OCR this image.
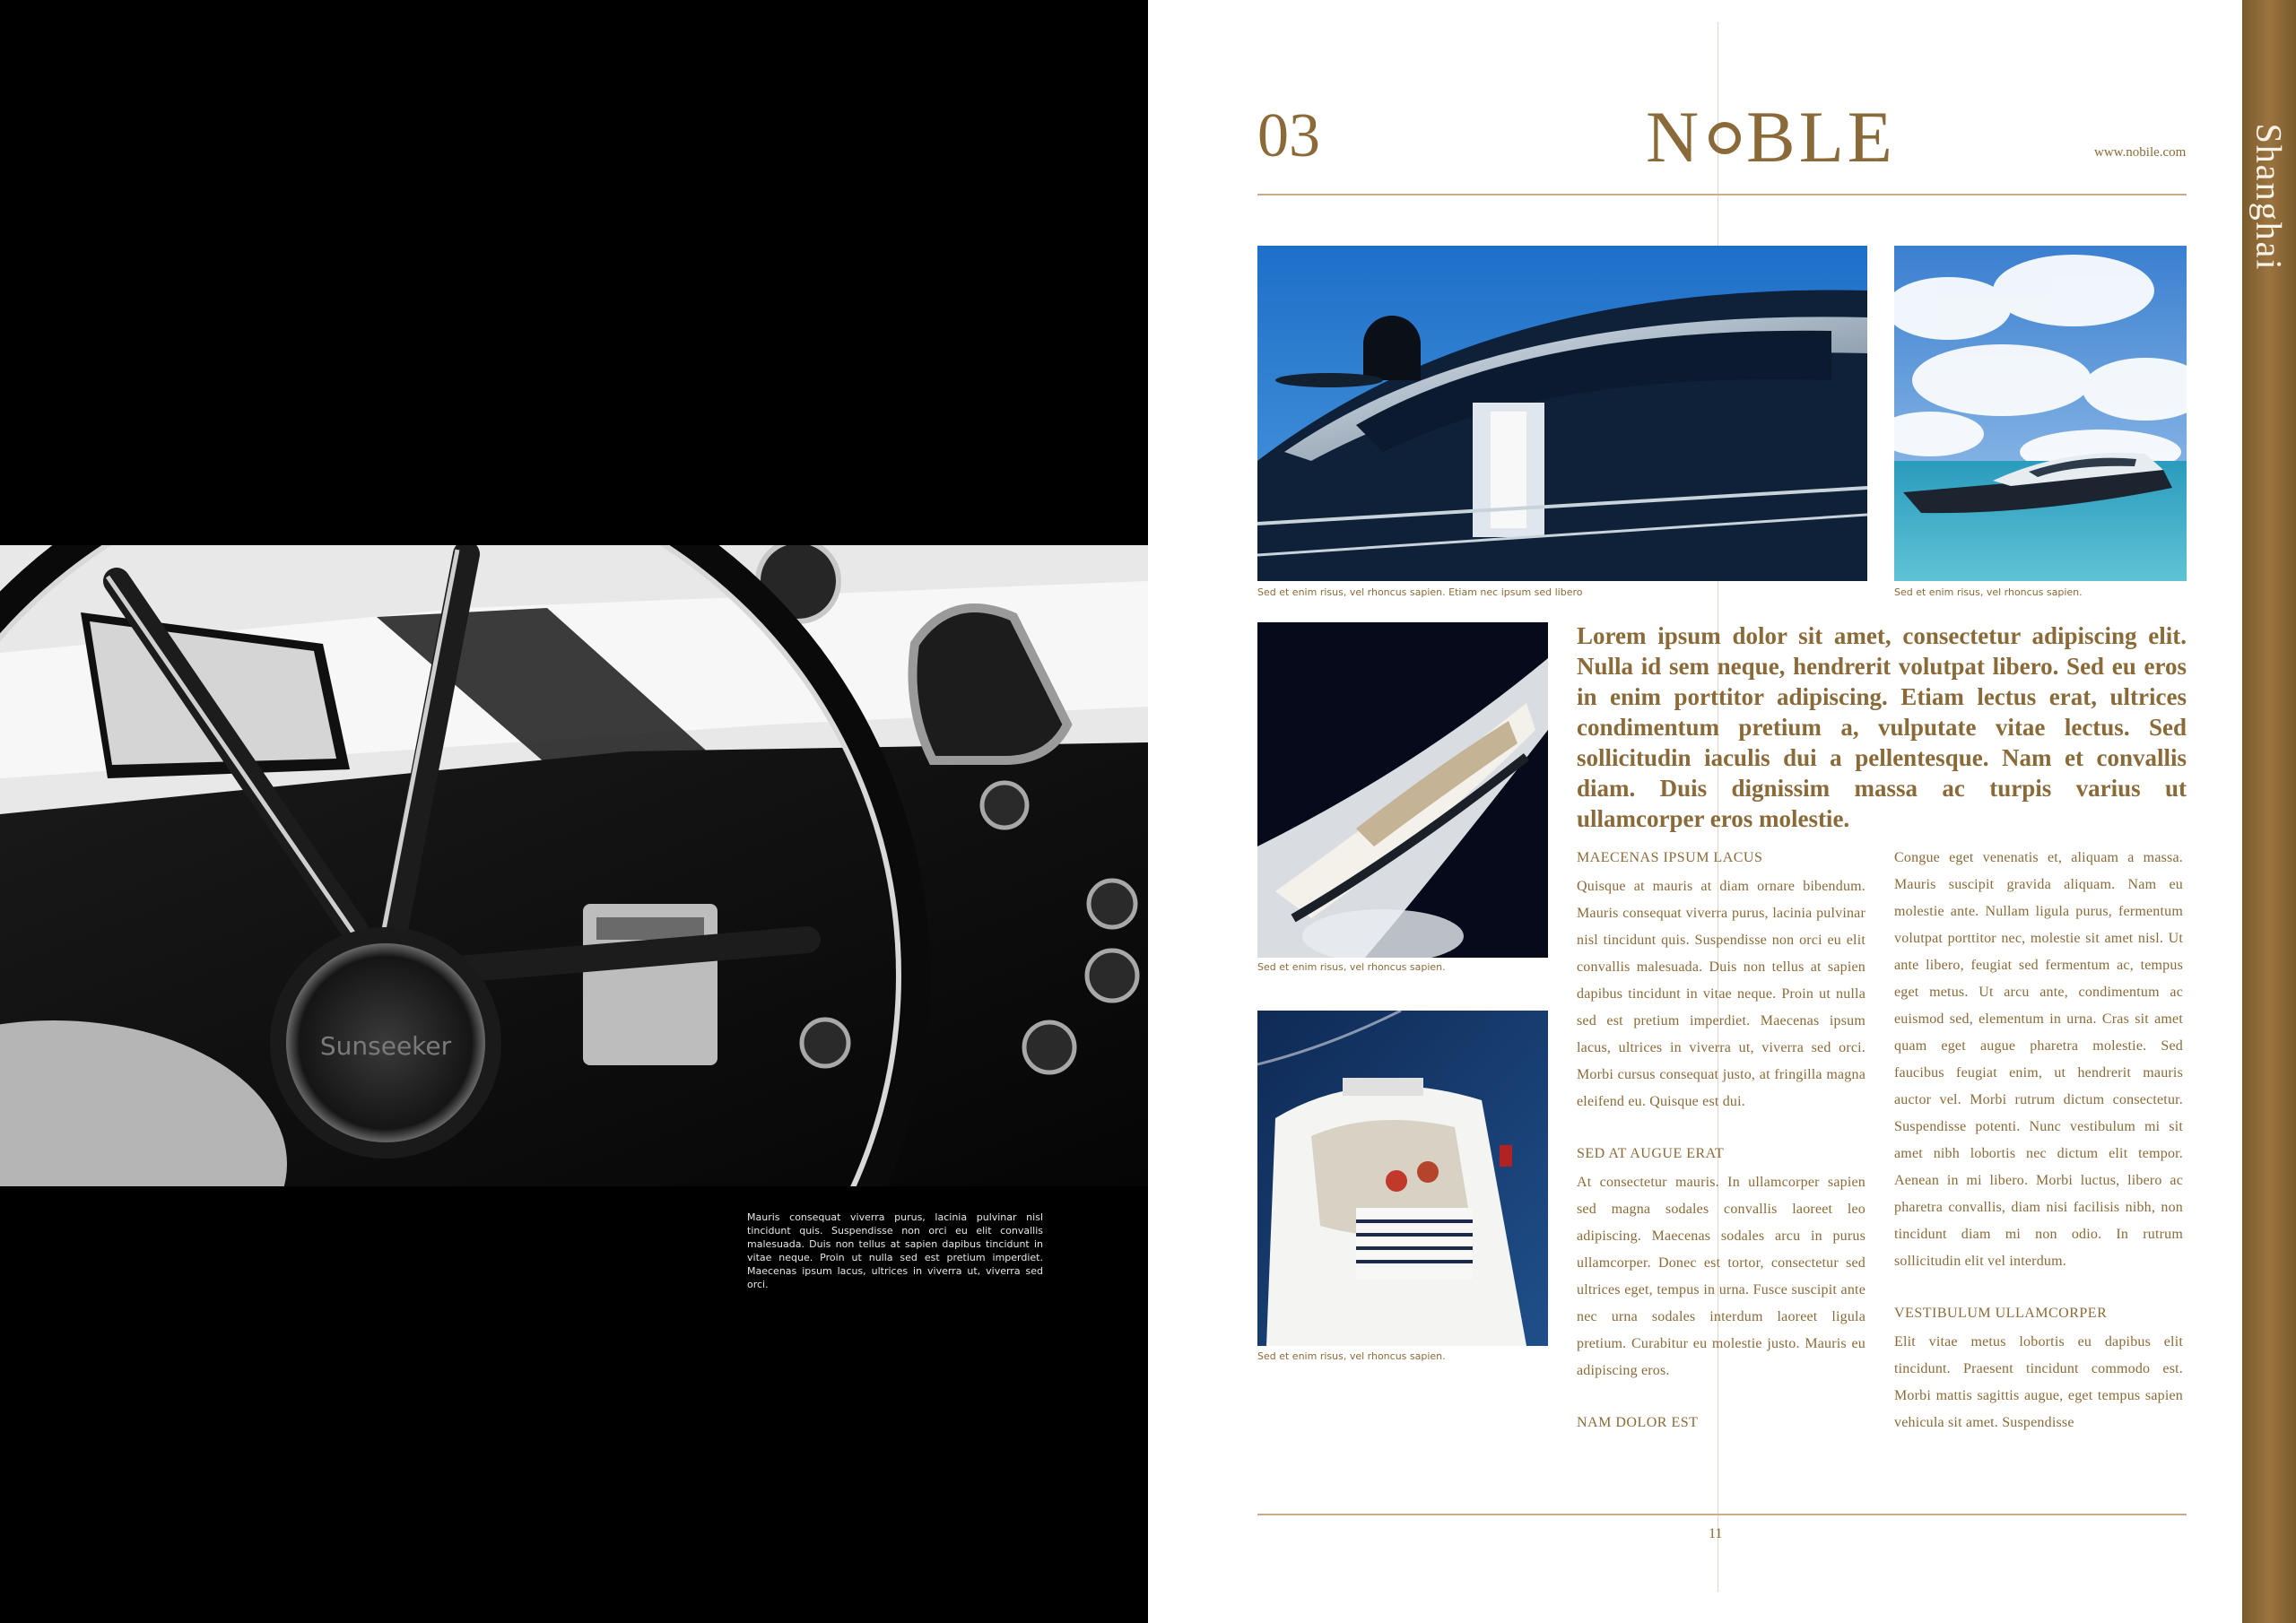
Sunseeker
Mauris consequat viverra purus, lacinia pulvinar nisl tincidunt quis. Suspendisse non orci eu elit convallis malesuada. Duis non tellus at sapien dapibus tincidunt in vitae neque. Proin ut nulla sed est pretium imperdiet. Maecenas ipsum lacus, ultrices in viverra ut, viverra sed orci.
03	N BLE	www.nobile.com Shanghai
Sed et enim risus, vel rhoncus sapien. Etiam nec ipsum sed libero	Sed et enim risus, vel rhoncus sapien.
Sed et enim risus, vel rhoncus sapien.
Sed et enim risus, vel rhoncus sapien.
Lorem ipsum dolor sit amet, consectetur adipiscing elit. Nulla id sem neque, hendrerit volutpat libero. Sed eu eros in enim porttitor adipiscing. Etiam lectus erat, ultrices condimentum pretium a, vulputate vitae lectus. Sed sollicitudin iaculis dui a pellentesque. Nam et convallis diam. Duis dignissim massa ac turpis varius ut ullamcorper eros molestie.
MAECENAS IPSUM LACUS

Quisque at mauris at diam ornare bibendum. Mauris consequat viverra purus, lacinia pulvinar nisl tincidunt quis. Suspendisse non orci eu elit convallis malesuada. Duis non tellus at sapien dapibus tincidunt in vitae neque. Proin ut nulla sed est pretium imperdiet. Maecenas ipsum lacus, ultrices in viverra ut, viverra sed orci. Morbi cursus consequat justo, at fringilla magna eleifend eu. Quisque est dui.

SED AT AUGUE ERAT

At consectetur mauris. In ullamcorper sapien sed magna sodales convallis laoreet leo adipiscing. Maecenas sodales arcu in purus ullamcorper. Donec est tortor, consectetur sed ultrices eget, tempus in urna. Fusce suscipit ante nec urna sodales interdum laoreet ligula pretium. Curabitur eu molestie justo. Mauris eu adipiscing eros.

NAM DOLOR EST

Congue eget venenatis et, aliquam a massa. Mauris suscipit gravida aliquam. Nam eu molestie ante. Nullam ligula purus, fermentum volutpat porttitor nec, molestie sit amet nisl. Ut ante libero, feugiat sed fermentum ac, tempus eget metus. Ut arcu ante, condimentum ac euismod sed, elementum in urna. Cras sit amet quam eget augue pharetra molestie. Sed faucibus feugiat enim, ut hendrerit mauris auctor vel. Morbi rutrum dictum consectetur. Suspendisse potenti. Nunc vestibulum mi sit amet nibh lobortis nec dictum elit tempor. Aenean in mi libero. Morbi luctus, libero ac pharetra convallis, diam nisi facilisis nibh, non tincidunt diam mi non odio. In rutrum sollicitudin elit vel interdum.

VESTIBULUM ULLAMCORPER

Elit vitae metus lobortis eu dapibus elit tincidunt. Praesent tincidunt commodo est. Morbi mattis sagittis augue, eget tempus sapien vehicula sit amet. Suspendisse

11
